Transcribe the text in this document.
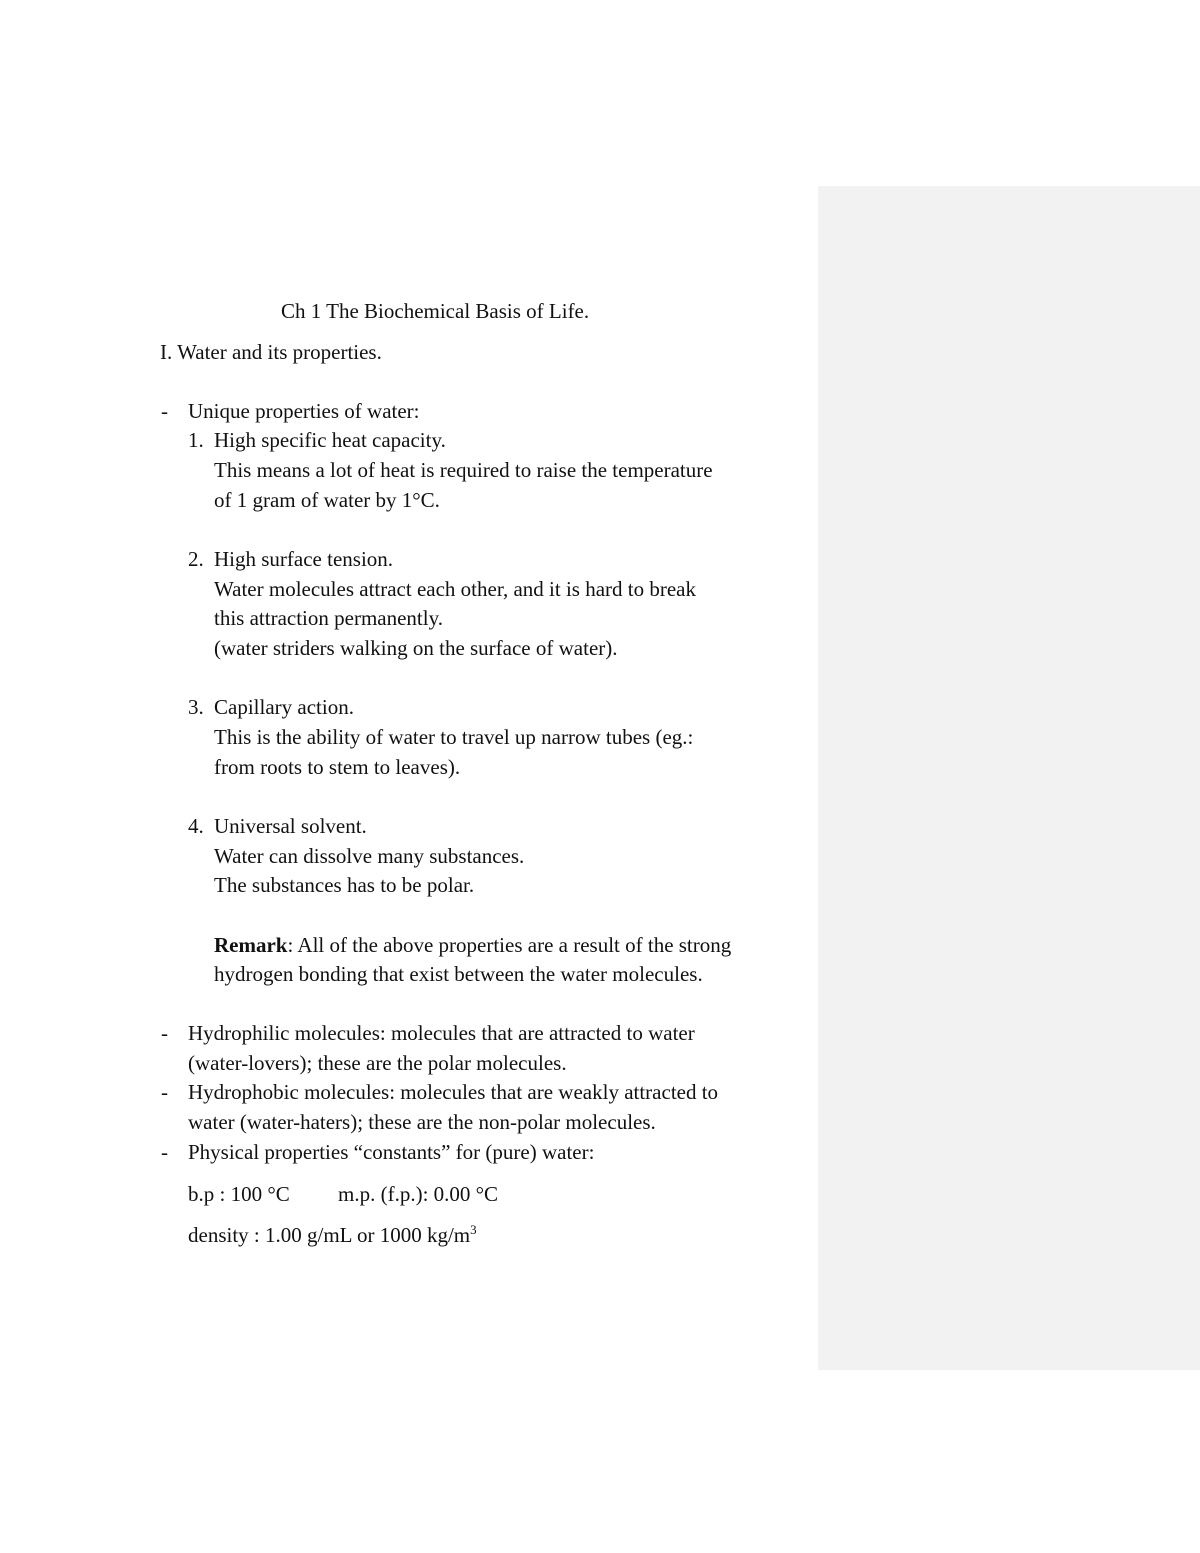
Ch 1 The Biochemical Basis of Life.
I. Water and its properties.
- Unique properties of water:
1. High specific heat capacity.
This means a lot of heat is required to raise the temperature
of 1 gram of water by 1°C.
2. High surface tension.
Water molecules attract each other, and it is hard to break
this attraction permanently.
(water striders walking on the surface of water).
3. Capillary action.
This is the ability of water to travel up narrow tubes (eg.:
from roots to stem to leaves).
4. Universal solvent.
Water can dissolve many substances.
The substances has to be polar.
Remark: All of the above properties are a result of the strong
hydrogen bonding that exist between the water molecules.
- Hydrophilic molecules: molecules that are attracted to water
(water-lovers); these are the polar molecules.
- Hydrophobic molecules: molecules that are weakly attracted to
water (water-haters); these are the non-polar molecules.
- Physical properties “constants” for (pure) water:
b.p : 100 °C m.p. (f.p.): 0.00 °C
density : 1.00 g/mL or 1000 $kg/m^3$
